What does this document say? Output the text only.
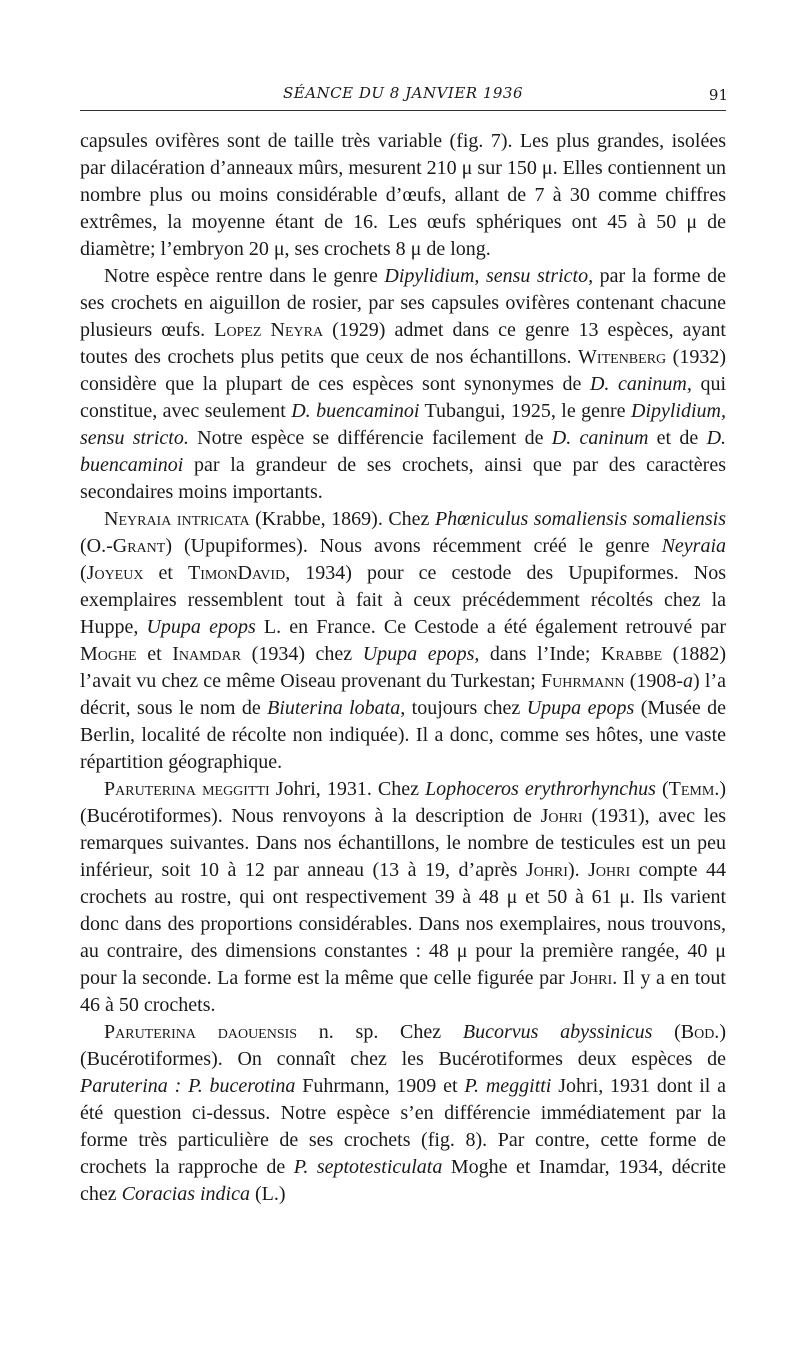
SÉANCE DU 8 JANVIER 1936	91

capsules ovifères sont de taille très variable (fig. 7). Les plus grandes, isolées par dilacération d’anneaux mûrs, mesurent 210 μ sur 150 μ. Elles contiennent un nombre plus ou moins considérable d’œufs, allant de 7 à 30 comme chiffres extrêmes, la moyenne étant de 16. Les œufs sphériques ont 45 à 50 μ de diamètre; l’embryon 20 μ, ses crochets 8 μ de long.

Notre espèce rentre dans le genre Dipylidium, sensu stricto, par la forme de ses crochets en aiguillon de rosier, par ses capsules ovifères contenant chacune plusieurs œufs. Lopez Neyra (1929) admet dans ce genre 13 espèces, ayant toutes des crochets plus petits que ceux de nos échantillons. Witenberg (1932) considère que la plupart de ces espèces sont synonymes de D. caninum, qui constitue, avec seulement D. buencaminoi Tubangui, 1925, le genre Dipylidium, sensu stricto. Notre espèce se différencie facilement de D. caninum et de D. buencaminoi par la grandeur de ses crochets, ainsi que par des caractères secondaires moins importants.

Neyraia intricata (Krabbe, 1869). Chez Phœniculus somaliensis somaliensis (O.-Grant) (Upupiformes). Nous avons récemment créé le genre Neyraia (Joyeux et TimonDavid, 1934) pour ce cestode des Upupiformes. Nos exemplaires ressemblent tout à fait à ceux précédemment récoltés chez la Huppe, Upupa epops L. en France. Ce Cestode a été également retrouvé par Moghe et Inamdar (1934) chez Upupa epops, dans l’Inde; Krabbe (1882) l’avait vu chez ce même Oiseau provenant du Turkestan; Fuhrmann (1908-a) l’a décrit, sous le nom de Biuterina lobata, toujours chez Upupa epops (Musée de Berlin, localité de récolte non indiquée). Il a donc, comme ses hôtes, une vaste répartition géographique.

Paruterina meggitti Johri, 1931. Chez Lophoceros erythrorhynchus (Temm.) (Bucérotiformes). Nous renvoyons à la description de Johri (1931), avec les remarques suivantes. Dans nos échantillons, le nombre de testicules est un peu inférieur, soit 10 à 12 par anneau (13 à 19, d’après Johri). Johri compte 44 crochets au rostre, qui ont respectivement 39 à 48 μ et 50 à 61 μ. Ils varient donc dans des proportions considérables. Dans nos exemplaires, nous trouvons, au contraire, des dimensions constantes : 48 μ pour la première rangée, 40 μ pour la seconde. La forme est la même que celle figurée par Johri. Il y a en tout 46 à 50 crochets.

Paruterina daouensis n. sp. Chez Bucorvus abyssinicus (Bod.) (Bucérotiformes). On connaît chez les Bucérotiformes deux espèces de Paruterina : P. bucerotina Fuhrmann, 1909 et P. meggitti Johri, 1931 dont il a été question ci-dessus. Notre espèce s’en différencie immédiatement par la forme très particulière de ses crochets (fig. 8). Par contre, cette forme de crochets la rapproche de P. septotesticulata Moghe et Inamdar, 1934, décrite chez Coracias indica (L.)
